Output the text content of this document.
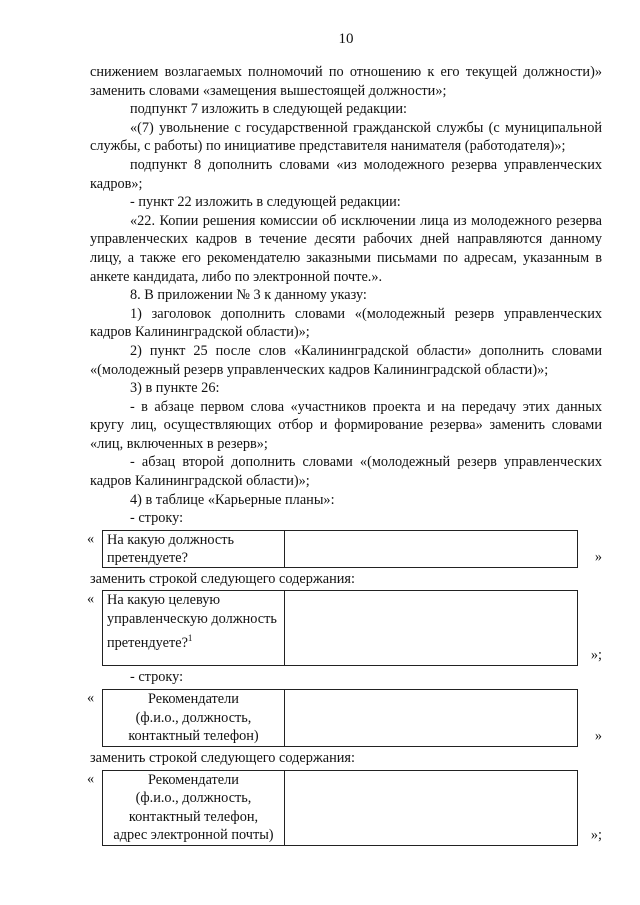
10

снижением возлагаемых полномочий по отношению к его текущей должности)» заменить словами «замещения вышестоящей должности»;

подпункт 7 изложить в следующей редакции:

«(7) увольнение с государственной гражданской службы (с муниципальной службы, с работы) по инициативе представителя нанимателя (работодателя)»;

подпункт 8 дополнить словами «из молодежного резерва управленческих кадров»;

- пункт 22 изложить в следующей редакции:

«22. Копии решения комиссии об исключении лица из молодежного резерва управленческих кадров в течение десяти рабочих дней направляются данному лицу, а также его рекомендателю заказными письмами по адресам, указанным в анкете кандидата, либо по электронной почте.».

8. В приложении № 3 к данному указу:

1) заголовок дополнить словами «(молодежный резерв управленческих кадров Калининградской области)»;

2) пункт 25 после слов «Калининградской области» дополнить словами «(молодежный резерв управленческих кадров Калининградской области)»;

3) в пункте 26:

- в абзаце первом слова «участников проекта и на передачу этих данных кругу лиц, осуществляющих отбор и формирование резерва» заменить словами «лиц, включенных в резерв»;

- абзац второй дополнить словами «(молодежный резерв управленческих кадров Калининградской области)»;

4) в таблице «Карьерные планы»:

- строку:

« На какую должность претендуете?	»

заменить строкой следующего содержания:

« На какую целевую управленческую должность претендуете?$^1$
»;

- строку:

«	Рекомендатели
(ф.и.о., должность,
контактный телефон)	»

заменить строкой следующего содержания:

«	Рекомендатели
(ф.и.о., должность,
контактный телефон,
адрес электронной почты)	»;
